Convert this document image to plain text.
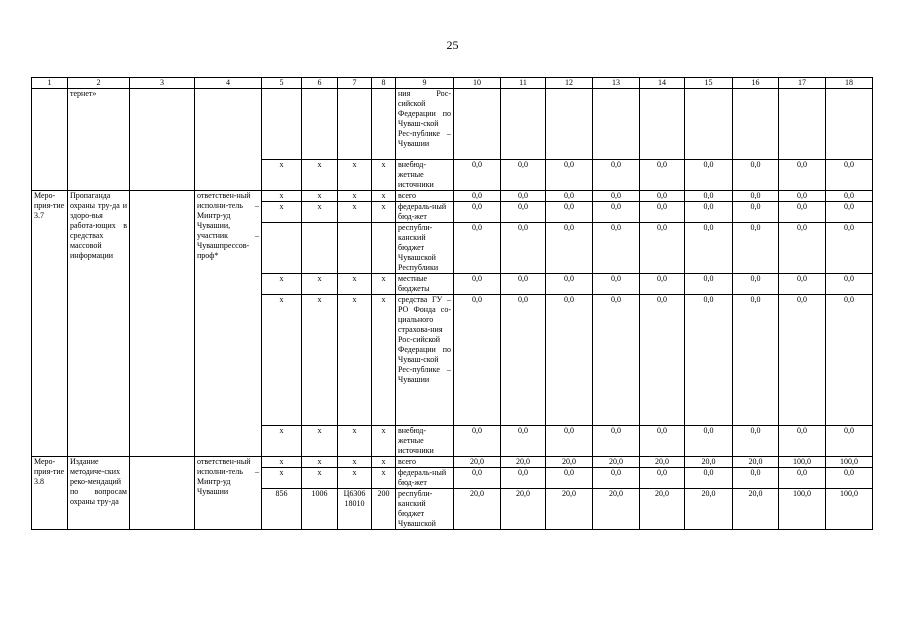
25
1	2	3	4	5	6	7	8	9	10	11	12	13	14	15	16	17	18
	тернет»							ния Рос-сийской Федерации по Чуваш-ской Рес-публике – Чувашии									
				x	x	x	x	внебюд-жетные источники	0,0	0,0	0,0	0,0	0,0	0,0	0,0	0,0	0,0
Меро-прия-тие 3.7	Пропаганда охраны тру-да и здоро-вья работа-ющих в средствах массовой информации		ответствен-ный исполни-тель – Минтр-уд Чувашии, участник – Чувашпрессов-проф*	x	x	x	x	всего	0,0	0,0	0,0	0,0	0,0	0,0	0,0	0,0	0,0
				x	x	x	x	федераль-ный бюд-жет	0,0	0,0	0,0	0,0	0,0	0,0	0,0	0,0	0,0
								республи-канский бюджет Чувашской Республики	0,0	0,0	0,0	0,0	0,0	0,0	0,0	0,0	0,0
				x	x	x	x	местные бюджеты	0,0	0,0	0,0	0,0	0,0	0,0	0,0	0,0	0,0
				x	x	x	x	средства ГУ – РО Фонда со-циального страхова-ния Рос-сийской Федерации по Чуваш-ской Рес-публике – Чувашии	0,0	0,0	0,0	0,0	0,0	0,0	0,0	0,0	0,0
				x	x	x	x	внебюд-жетные источники	0,0	0,0	0,0	0,0	0,0	0,0	0,0	0,0	0,0
Меро-прия-тие 3.8	Издание методиче-ских реко-мендаций по вопросам охраны тру-да		ответствен-ный исполни-тель – Минтр-уд Чувашии	x	x	x	x	всего	20,0	20,0	20,0	20,0	20,0	20,0	20,0	100,0	100,0
				x	x	x	x	федераль-ный бюд-жет	0,0	0,0	0,0	0,0	0,0	0,0	0,0	0,0	0,0
				856	1006	Ц6306 18010	200	республи-канский бюджет Чувашской	20,0	20,0	20,0	20,0	20,0	20,0	20,0	100,0	100,0
